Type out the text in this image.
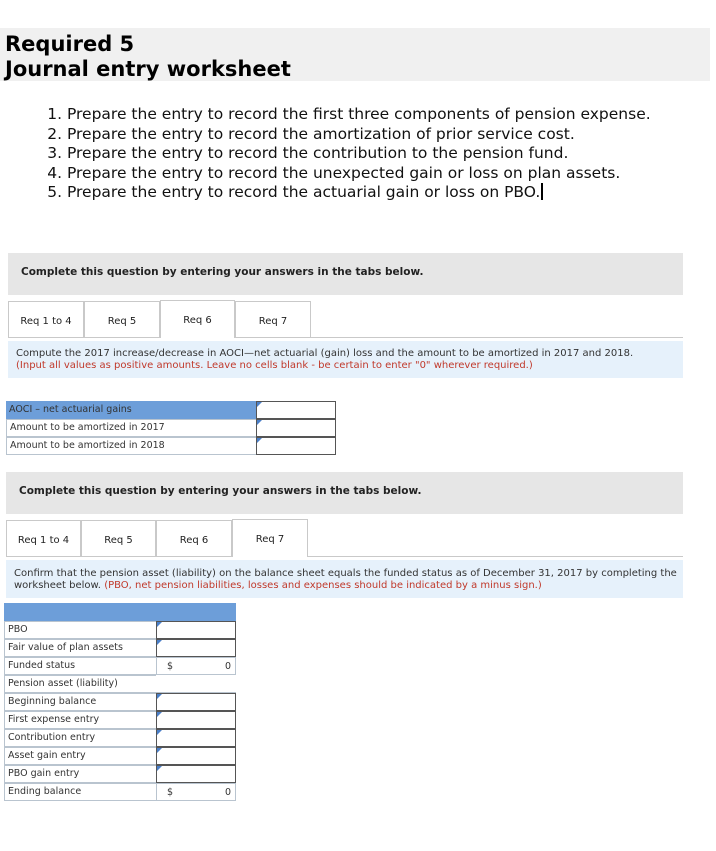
Required 5
Journal entry worksheet
1. Prepare the entry to record the first three components of pension expense.
2. Prepare the entry to record the amortization of prior service cost.
3. Prepare the entry to record the contribution to the pension fund.
4. Prepare the entry to record the unexpected gain or loss on plan assets.
5. Prepare the entry to record the actuarial gain or loss on PBO.
Complete this question by entering your answers in the tabs below.
Req 1 to 4	Req 5	Req 6	Req 7
Compute the 2017 increase/decrease in AOCI—net actuarial (gain) loss and the amount to be amortized in 2017 and 2018.
(Input all values as positive amounts. Leave no cells blank - be certain to enter "0" wherever required.)
AOCI – net actuarial gains
Amount to be amortized in 2017
Amount to be amortized in 2018
Complete this question by entering your answers in the tabs below.
Req 1 to 4	Req 5	Req 6	Req 7
Confirm that the pension asset (liability) on the balance sheet equals the funded status as of December 31, 2017 by completing the worksheet below. (PBO, net pension liabilities, losses and expenses should be indicated by a minus sign.)
PBO
Fair value of plan assets
Funded status	$	0
Pension asset (liability)
Beginning balance
First expense entry
Contribution entry
Asset gain entry
PBO gain entry
Ending balance	$	0
